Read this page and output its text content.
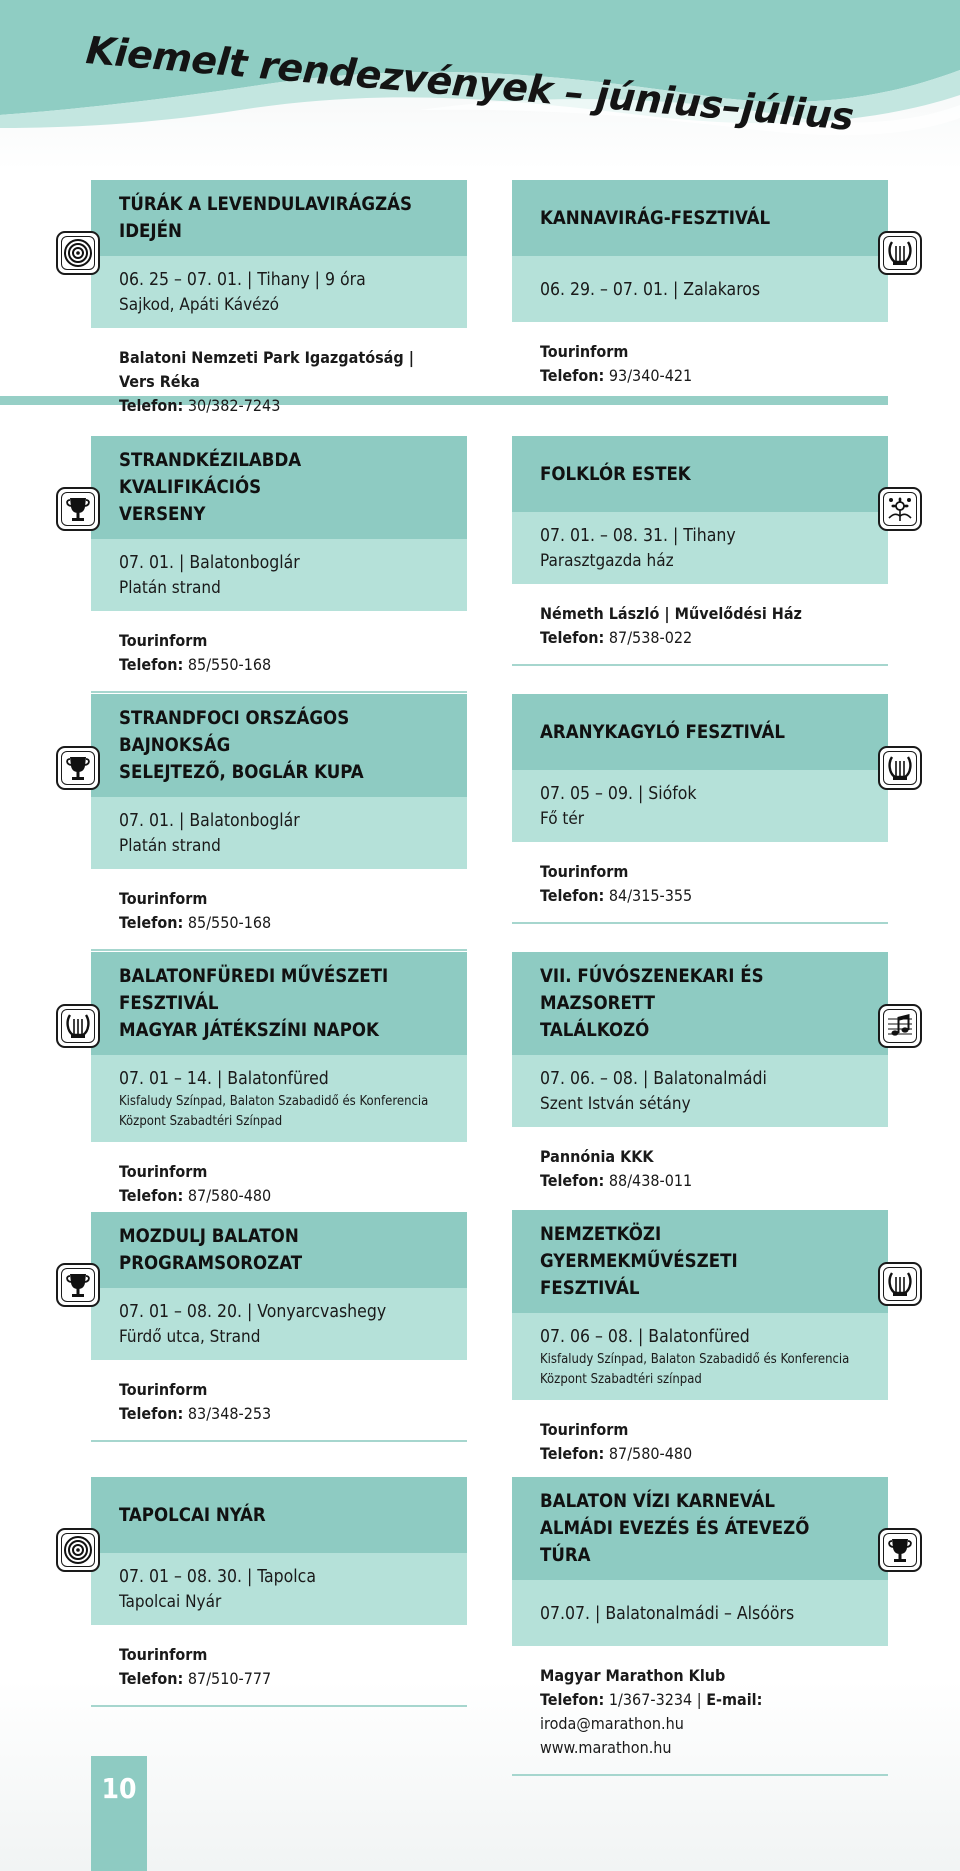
Kiemelt rendezvények – június–július
TÚRÁK A LEVENDULAVIRÁGZÁS IDEJÉN
06. 25 – 07. 01. | Tihany | 9 óra
Sajkod, Apáti Kávézó
Balatoni Nemzeti Park Igazgatóság | Vers Réka
Telefon: 30/382-7243
KANNAVIRÁG-FESZTIVÁL
06. 29. – 07. 01. | Zalakaros
Tourinform
Telefon: 93/340-421
STRANDKÉZILABDA KVALIFIKÁCIÓS
VERSENY
07. 01. | Balatonboglár
Platán strand
Tourinform
Telefon: 85/550-168
FOLKLÓR ESTEK
07. 01. – 08. 31. | Tihany
Parasztgazda ház
Németh László | Művelődési Ház
Telefon: 87/538-022
STRANDFOCI ORSZÁGOS BAJNOKSÁG
SELEJTEZŐ, BOGLÁR KUPA
07. 01. | Balatonboglár
Platán strand
Tourinform
Telefon: 85/550-168
ARANYKAGYLÓ FESZTIVÁL
07. 05 – 09. | Siófok
Fő tér
Tourinform
Telefon: 84/315-355
BALATONFÜREDI MŰVÉSZETI FESZTIVÁL
MAGYAR JÁTÉKSZÍNI NAPOK
07. 01 – 14. | Balatonfüred
Kisfaludy Színpad, Balaton Szabadidő és Konferencia Központ Szabadtéri Színpad
Tourinform
Telefon: 87/580-480
VII. FÚVÓSZENEKARI ÉS MAZSORETT
TALÁLKOZÓ
07. 06. – 08. | Balatonalmádi
Szent István sétány
Pannónia KKK
Telefon: 88/438-011
MOZDULJ BALATON PROGRAMSOROZAT
07. 01 – 08. 20. | Vonyarcvashegy
Fürdő utca, Strand
Tourinform
Telefon: 83/348-253
NEMZETKÖZI GYERMEKMŰVÉSZETI
FESZTIVÁL
07. 06 – 08. | Balatonfüred
Kisfaludy Színpad, Balaton Szabadidő és Konferencia Központ Szabadtéri színpad
Tourinform
Telefon: 87/580-480
TAPOLCAI NYÁR
07. 01 – 08. 30. | Tapolca
Tapolcai Nyár
Tourinform
Telefon: 87/510-777
BALATON VÍZI KARNEVÁL
ALMÁDI EVEZÉS ÉS ÁTEVEZŐ TÚRA
07.07. | Balatonalmádi – Alsóörs
Magyar Marathon Klub
Telefon: 1/367-3234 | E-mail: iroda@marathon.hu
www.marathon.hu
10
